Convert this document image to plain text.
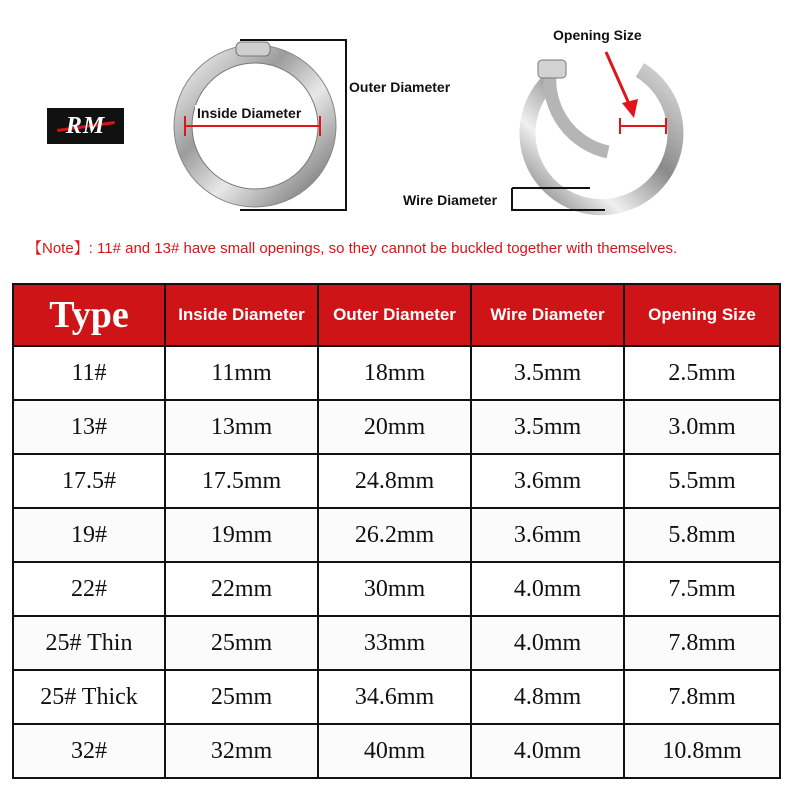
RM	Inside Diameter
Outer Diameter
Opening Size
Wire Diameter
【Note】: 11# and 13# have small openings, so they cannot be buckled together with themselves.
Type	Inside Diameter	Outer Diameter	Wire Diameter	Opening Size
11#	11mm	18mm	3.5mm	2.5mm
13#	13mm	20mm	3.5mm	3.0mm
17.5#	17.5mm	24.8mm	3.6mm	5.5mm
19#	19mm	26.2mm	3.6mm	5.8mm
22#	22mm	30mm	4.0mm	7.5mm
25# Thin	25mm	33mm	4.0mm	7.8mm
25# Thick	25mm	34.6mm	4.8mm	7.8mm
32#	32mm	40mm	4.0mm	10.8mm
